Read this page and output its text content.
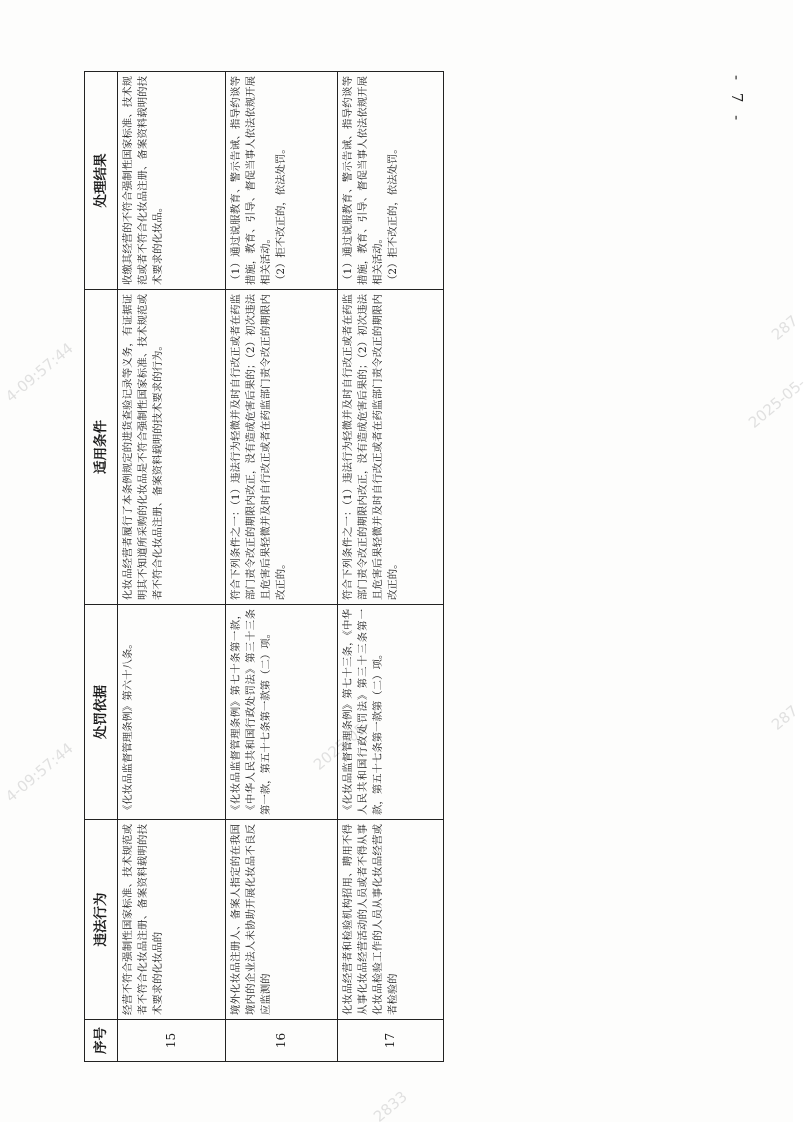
4-09:57:44
2025-05-
287
2025-05-
287
4-09:57:44
2833
- 7 -
序号	违法行为	处罚依据	适用条件	处理结果
15	经营不符合强制性国家标准、技术规范或者不符合化妆品注册、备案资料载明的技术要求的化妆品的	《化妆品监督管理条例》第六十八条。	化妆品经营者履行了本条例规定的进货查验记录等义务，有证据证明其不知道所采购的化妆品是不符合强制性国家标准、技术规范或者不符合化妆品注册、备案资料载明的技术要求的行为。	收缴其经营的不符合强制性国家标准、技术规范或者不符合化妆品注册、备案资料载明的技术要求的化妆品。

16	境外化妆品注册人、备案人指定的在我国境内的企业法人未协助开展化妆品不良反应监测的	《化妆品监督管理条例》第七十条第一款，《中华人民共和国行政处罚法》第三十三条第一款，第五十七条第一款第（二）项。	符合下列条件之一：（1）违法行为轻微并及时自行改正或者在药监部门责令改正的期限内改正，没有造成危害后果的；（2）初次违法且危害后果轻微并及时自行改正或者在药监部门责令改正的期限内改正的。	（1）通过说服教育、警示告诫、指导约谈等措施，教育、引导、督促当事人依法依规开展相关活动。 （2）拒不改正的，依法处罚。

17	化妆品经营者和检验机构招用、聘用不得从事化妆品经营活动的人员或者不得从事化妆品检验工作的人员从事化妆品经营或者检验的	《化妆品监督管理条例》第七十三条，《中华人民共和国行政处罚法》第三十三条第一款，第五十七条第一款第（二）项。	符合下列条件之一：（1）违法行为轻微并及时自行改正或者在药监部门责令改正的期限内改正，没有造成危害后果的；（2）初次违法且危害后果轻微并及时自行改正或者在药监部门责令改正的期限内改正的。	（1）通过说服教育、警示告诫、指导约谈等措施，教育、引导、督促当事人依法依规开展相关活动。 （2）拒不改正的，依法处罚。
